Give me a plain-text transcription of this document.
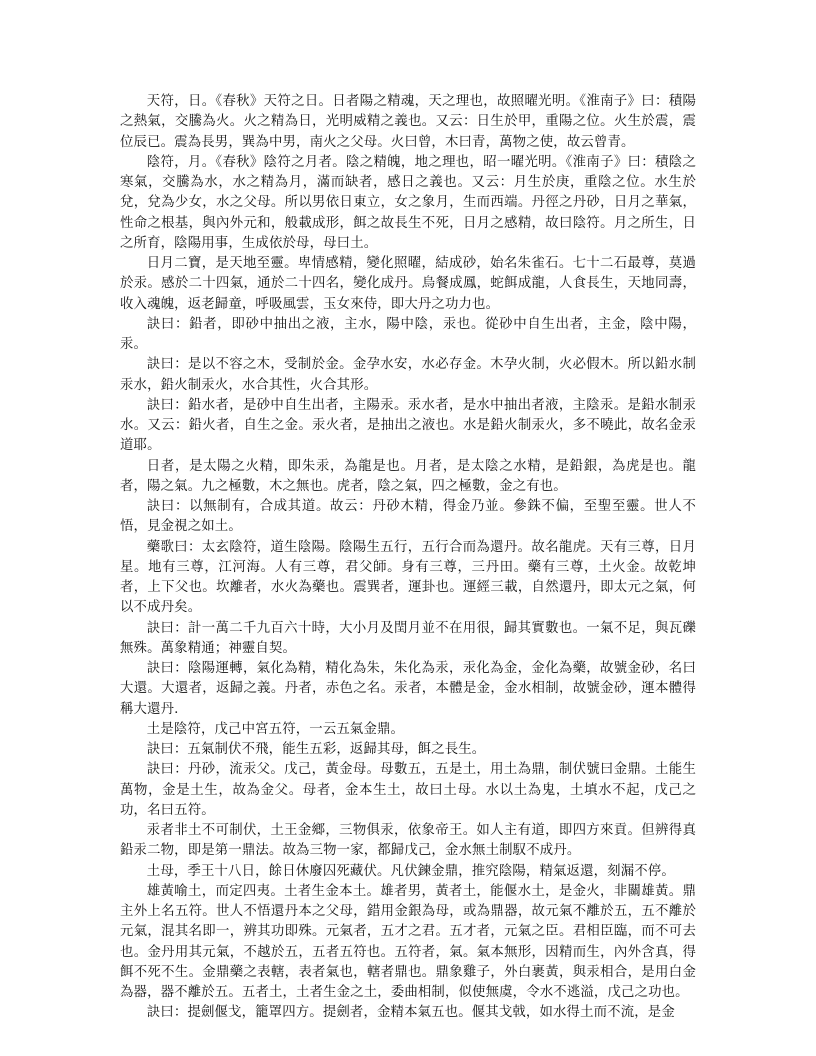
天符，日。《春秋》天符之日。日者陽之精魂，天之理也，故照曜光明。《淮南子》曰：積陽之熱氣，交騰為火。火之精為日，光明威精之義也。又云：日生於甲，重陽之位。火生於震，震位辰已。震為長男，巽為中男，南火之父母。火曰曾，木曰青，萬物之使，故云曾青。

陰符，月。《春秋》陰符之月者。陰之精魄，地之理也，昭一曜光明。《淮南子》曰：積陰之寒氣，交騰為水，水之精為月，滿而缺者，感日之義也。又云：月生於庚，重陰之位。水生於兌，兌為少女，水之父母。所以男依日東立，女之象月，生而西端。丹徑之丹砂，日月之華氣，性命之根基，與內外元和，般載成形，餌之故長生不死，日月之感精，故曰陰符。月之所生，日之所育，陰陽用事，生成依於母，母曰土。

日月二寶，是天地至靈。卑情感精，變化照曜，結成砂，始名朱雀石。七十二石最尊，莫過於汞。感於二十四氣，通於二十四名，變化成丹。烏餐成鳳，蛇餌成龍，人食長生，天地同壽，收入魂魄，返老歸童，呼吸風雲，玉女來侍，即大丹之功力也。

訣曰：鉛者，即砂中抽出之液，主水，陽中陰，汞也。從砂中自生出者，主金，陰中陽，汞。

訣曰：是以不容之木，受制於金。金孕水安，水必存金。木孕火制，火必假木。所以鉛水制汞水，鉛火制汞火，水合其性，火合其形。

訣曰：鉛水者，是砂中自生出者，主陽汞。汞水者，是水中抽出者液，主陰汞。是鉛水制汞水。又云：鉛火者，自生之金。汞火者，是抽出之液也。水是鉛火制汞火，多不曉此，故名金汞道耶。

日者，是太陽之火精，即朱汞，為龍是也。月者，是太陰之水精，是鉛銀，為虎是也。龍者，陽之氣。九之極數，木之無也。虎者，陰之氣，四之極數，金之有也。

訣曰：以無制有，合成其道。故云：丹砂木精，得金乃並。參銖不偏，至聖至靈。世人不悟，見金視之如土。

藥歌曰：太玄陰符，道生陰陽。陰陽生五行，五行合而為還丹。故名龍虎。天有三尊，日月星。地有三尊，江河海。人有三尊，君父師。身有三尊，三丹田。藥有三尊，土火金。故乾坤者，上下父也。坎離者，水火為藥也。震巽者，運卦也。運經三載，自然還丹，即太元之氣，何以不成丹矣。

訣曰：計一萬二千九百六十時，大小月及閏月並不在用很，歸其實數也。一氣不足，與瓦礫無殊。萬象精通；神靈自契。

訣曰：陰陽運轉，氣化為精，精化為朱，朱化為汞，汞化為金，金化為藥，故號金砂，名曰大還。大還者，返歸之義。丹者，赤色之名。汞者，本體是金，金水相制，故號金砂，運本體得稱大還丹.

土是陰符，戊己中宮五符，一云五氣金鼎。

訣曰：五氣制伏不飛，能生五彩，返歸其母，餌之長生。

訣曰：丹砂，流汞父。戊己，黃金母。母數五，五是土，用土為鼎，制伏號曰金鼎。土能生萬物，金是土生，故為金父。母者，金本生土，故曰土母。水以土為鬼，土填水不起，戊己之功，名曰五符。

汞者非土不可制伏，土王金鄉，三物俱汞，依象帝王。如人主有道，即四方來貢。但辨得真鉛汞二物，即是第一鼎法。故為三物一家，都歸戊己，金水無土制馭不成丹。

土母，季王十八日，餘日休廢囚死藏伏。凡伏鍊金鼎，推究陰陽，精氣返還，刻漏不停。

雄黃喻土，而定四夷。土者生金本土。雄者男，黃者土，能偃水土，是金火，非關雄黃。鼎主外上名五符。世人不悟還丹本之父母，錯用金銀為母，或為鼎器，故元氣不離於五，五不離於元氣，混其名即一，辨其功即殊。元氣者，五才之君。五才者，元氣之臣。君相臣臨，而不可去也。金丹用其元氣，不越於五，五者五符也。五符者，氣。氣本無形，因精而生，內外含真，得餌不死不生。金鼎藥之表轄，表者氣也，轄者鼎也。鼎象雞子，外白裹黃，與汞相合，是用白金為器，器不離於五。五者土，土者生金之土，委曲相制，似使無虞，令水不逃溢，戊己之功也。

訣曰：提劍偃戈，籠罩四方。提劍者，金精本氣五也。偃其戈戟，如水得土而不流，是金
